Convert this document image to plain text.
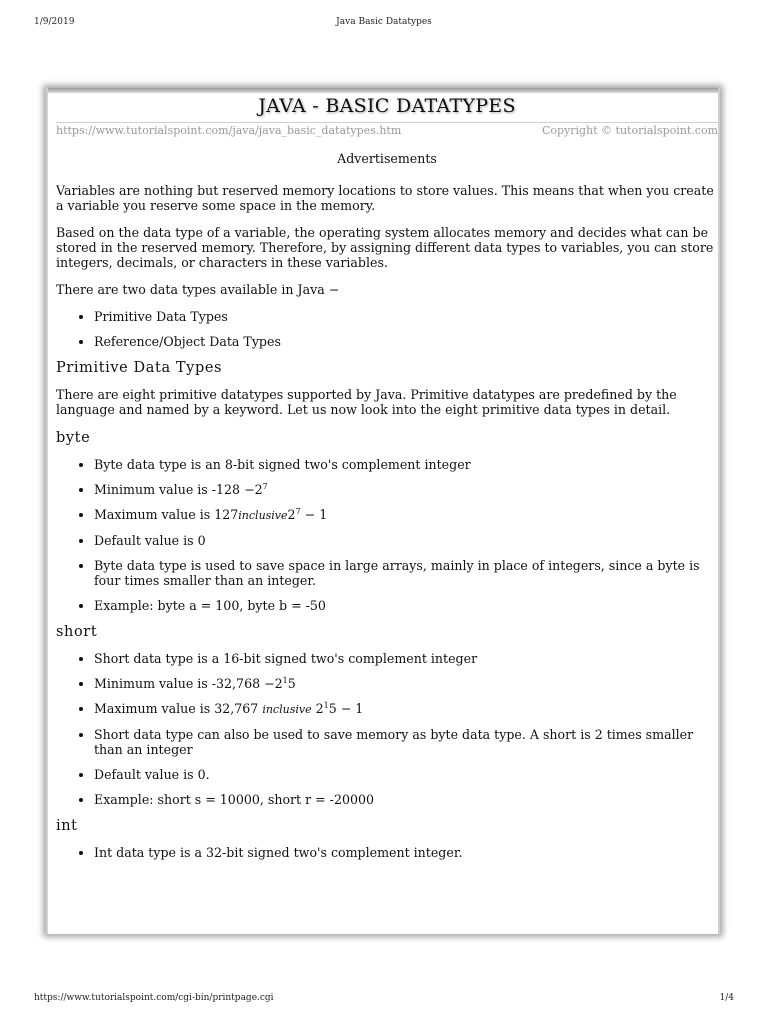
1/9/2019	Java Basic Datatypes
JAVA - BASIC DATATYPES
https://www.tutorialspoint.com/java/java_basic_datatypes.htm	Copyright © tutorialspoint.com
Advertisements

Variables are nothing but reserved memory locations to store values. This means that when you create a variable you reserve some space in the memory.

Based on the data type of a variable, the operating system allocates memory and decides what can be stored in the reserved memory. Therefore, by assigning different data types to variables, you can store integers, decimals, or characters in these variables.

There are two data types available in Java −

• Primitive Data Types
• Reference/Object Data Types
Primitive Data Types

There are eight primitive datatypes supported by Java. Primitive datatypes are predefined by the language and named by a keyword. Let us now look into the eight primitive data types in detail.

byte
• Byte data type is an 8-bit signed two's complement integer
• Minimum value is $-128 -2^7$
• Maximum value is $127inclusive2^7 - 1$
• Default value is 0
• Byte data type is used to save space in large arrays, mainly in place of integers, since a byte is four times smaller than an integer.
• Example: byte a = 100, byte b = -50
short
• Short data type is a 16-bit signed two's complement integer
• Minimum value is $-32,768 -2^15$
• Maximum value is 32,767 inclusive $2^15 - 1$
• Short data type can also be used to save memory as byte data type. A short is 2 times smaller than an integer
• Default value is 0.
• Example: short s = 10000, short r = -20000
int
• Int data type is a 32-bit signed two's complement integer.
https://www.tutorialspoint.com/cgi-bin/printpage.cgi	1/4
